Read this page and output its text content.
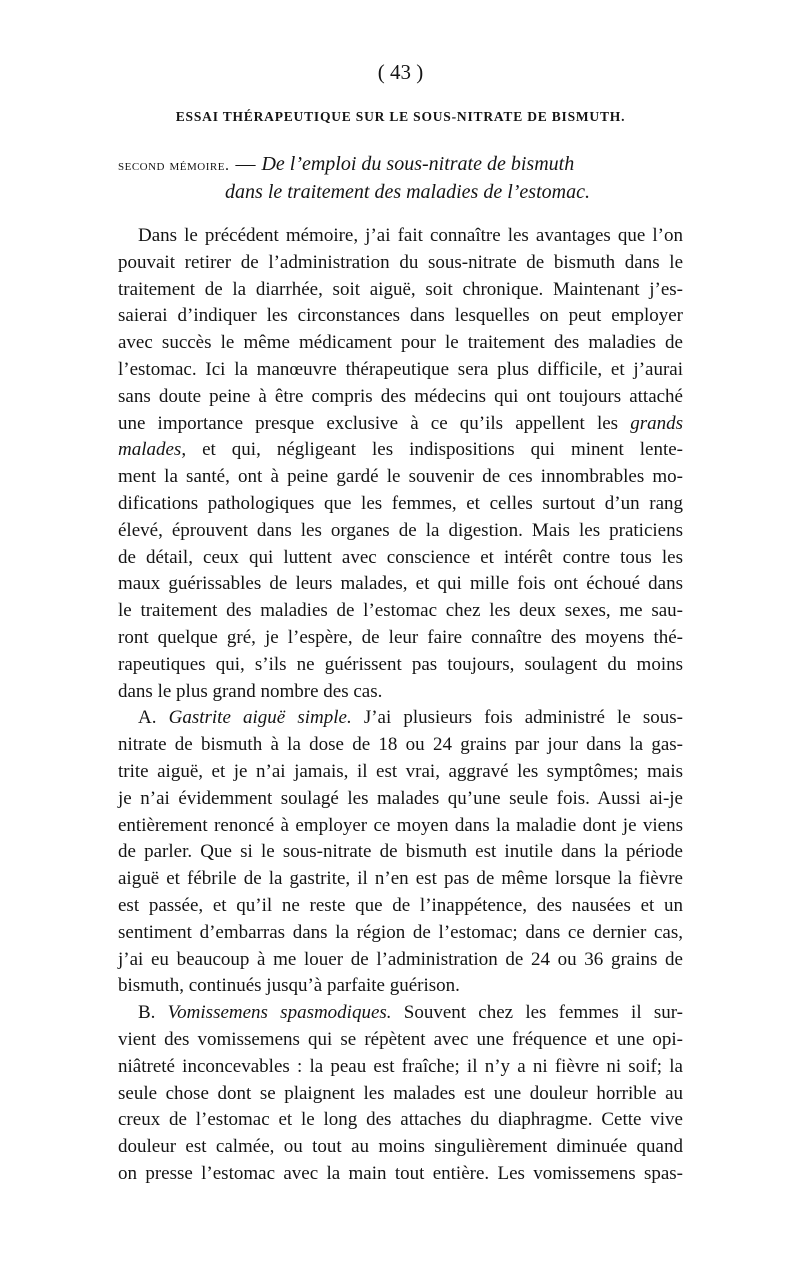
( 43 )
ESSAI THÉRAPEUTIQUE SUR LE SOUS-NITRATE DE BISMUTH.
second mémoire. — De l’emploi du sous-nitrate de bismuth
dans le traitement des maladies de l’estomac.
Dans le précédent mémoire, j’ai fait connaître les avantages que l’on
pouvait retirer de l’administration du sous-nitrate de bismuth dans le
traitement de la diarrhée, soit aiguë, soit chronique. Maintenant j’es-
saierai d’indiquer les circonstances dans lesquelles on peut employer
avec succès le même médicament pour le traitement des maladies de
l’estomac. Ici la manœuvre thérapeutique sera plus difficile, et j’aurai
sans doute peine à être compris des médecins qui ont toujours attaché
une importance presque exclusive à ce qu’ils appellent les grands
malades, et qui, négligeant les indispositions qui minent lente-
ment la santé, ont à peine gardé le souvenir de ces innombrables mo-
difications pathologiques que les femmes, et celles surtout d’un rang
élevé, éprouvent dans les organes de la digestion. Mais les praticiens
de détail, ceux qui luttent avec conscience et intérêt contre tous les
maux guérissables de leurs malades, et qui mille fois ont échoué dans
le traitement des maladies de l’estomac chez les deux sexes, me sau-
ront quelque gré, je l’espère, de leur faire connaître des moyens thé-
rapeutiques qui, s’ils ne guérissent pas toujours, soulagent du moins
dans le plus grand nombre des cas.
A. Gastrite aiguë simple. J’ai plusieurs fois administré le sous-
nitrate de bismuth à la dose de 18 ou 24 grains par jour dans la gas-
trite aiguë, et je n’ai jamais, il est vrai, aggravé les symptômes; mais
je n’ai évidemment soulagé les malades qu’une seule fois. Aussi ai-je
entièrement renoncé à employer ce moyen dans la maladie dont je viens
de parler. Que si le sous-nitrate de bismuth est inutile dans la période
aiguë et fébrile de la gastrite, il n’en est pas de même lorsque la fièvre
est passée, et qu’il ne reste que de l’inappétence, des nausées et un
sentiment d’embarras dans la région de l’estomac; dans ce dernier cas,
j’ai eu beaucoup à me louer de l’administration de 24 ou 36 grains de
bismuth, continués jusqu’à parfaite guérison.
B. Vomissemens spasmodiques. Souvent chez les femmes il sur-
vient des vomissemens qui se répètent avec une fréquence et une opi-
niâtreté inconcevables : la peau est fraîche; il n’y a ni fièvre ni soif; la
seule chose dont se plaignent les malades est une douleur horrible au
creux de l’estomac et le long des attaches du diaphragme. Cette vive
douleur est calmée, ou tout au moins singulièrement diminuée quand
on presse l’estomac avec la main tout entière. Les vomissemens spas-
